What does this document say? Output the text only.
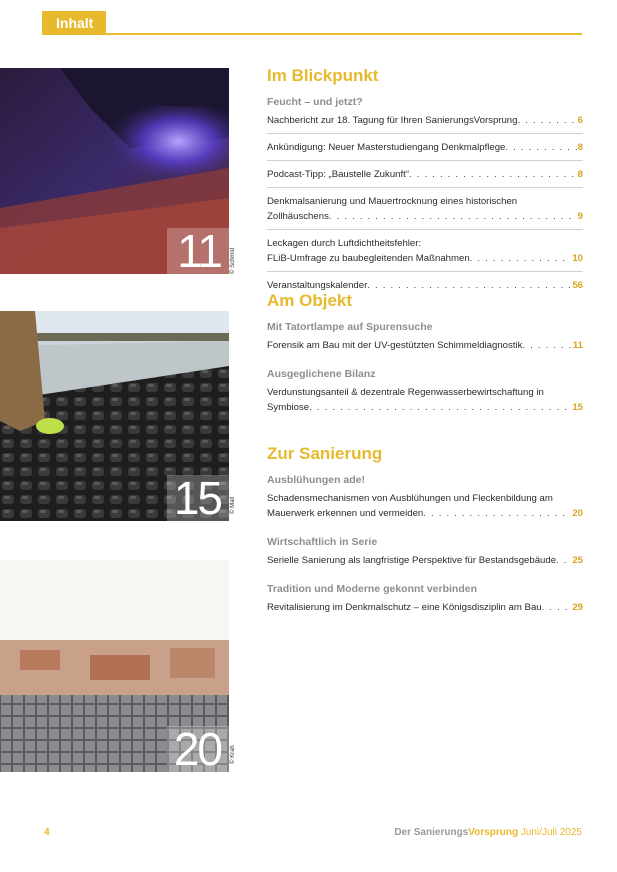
Inhalt
11 © Schmid
15 © Mall
20 © Krah
Im Blickpunkt
Feucht – und jetzt?
Nachbericht zur 18. Tagung für Ihren SanierungsVorsprung . . .	6
Ankündigung: Neuer Masterstudiengang Denkmalpflege . . .	8
Podcast-Tipp: „Baustelle Zukunft“ . . .	8
Denkmalsanierung und Mauertrocknung eines historischen
Zollhäuschens . . .	9
Leckagen durch Luftdichtheitsfehler:
FLiB-Umfrage zu baubegleitenden Maßnahmen . . .	10
Veranstaltungskalender . . .	56
Am Objekt
Mit Tatortlampe auf Spurensuche
Forensik am Bau mit der UV-gestützten Schimmeldiagnostik . . .	11
Ausgeglichene Bilanz
Verdunstungsanteil & dezentrale Regenwasserbewirtschaftung in
Symbiose . . .	15
Zur Sanierung
Ausblühungen ade!
Schadensmechanismen von Ausblühungen und Fleckenbildung am
Mauerwerk erkennen und vermeiden . . .	20
Wirtschaftlich in Serie
Serielle Sanierung als langfristige Perspektive für Bestandsgebäude . . . 25
Tradition und Moderne gekonnt verbinden
Revitalisierung im Denkmalschutz – eine Königsdisziplin am Bau . . .	29
4	Der SanierungsVorsprung Juni/Juli 2025
